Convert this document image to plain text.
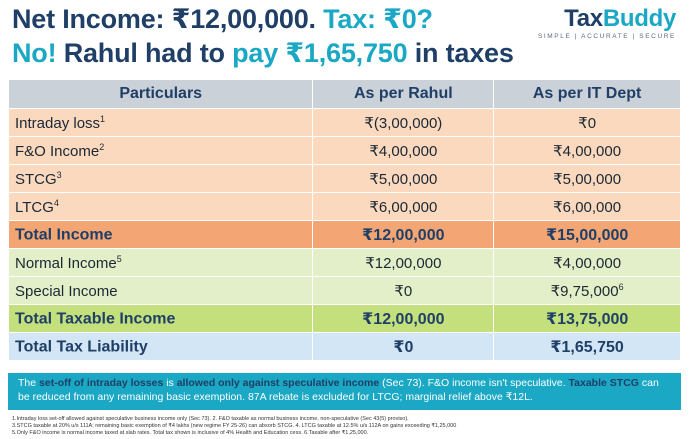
Net Income: ₹12,00,000. Tax: ₹0?
No! Rahul had to pay ₹1,65,750 in taxes
TaxBuddy
SIMPLE | ACCURATE | SECURE
Particulars	As per Rahul	As per IT Dept
Intraday loss$^1$	₹(3,00,000)	₹0
F&O Income$^2$	₹4,00,000	₹4,00,000
STCG$^3$	₹5,00,000	₹5,00,000
LTCG$^4$	₹6,00,000	₹6,00,000
Total Income	₹12,00,000	₹15,00,000
Normal Income$^5$	₹12,00,000	₹4,00,000
Special Income	₹0	₹9,75,000$^6$
Total Taxable Income	₹12,00,000	₹13,75,000
Total Tax Liability	₹0	₹1,65,750
The set-off of intraday losses is allowed only against speculative income (Sec 73). F&O income isn't speculative. Taxable STCG can be reduced from any remaining basic exemption. 87A rebate is excluded for LTCG; marginal relief above ₹12L.
1.Intraday loss set-off allowed against speculative business income only (Sec 73). 2. F&O taxable as normal business income, non-speculative (Sec 43(5) proviso).
3.STCG taxable at 20% u/s 111A; remaining basic exemption of ₹4 lakhs (new regime FY 25-26) can absorb STCG. 4. LTCG taxable at 12.5% u/s 112A on gains exceeding ₹1,25,000
5.Only F&O income is normal income taxed at slab rates. Total tax shown is inclusive of 4% Health and Education cess. 6.Taxable after ₹1,25,000.
